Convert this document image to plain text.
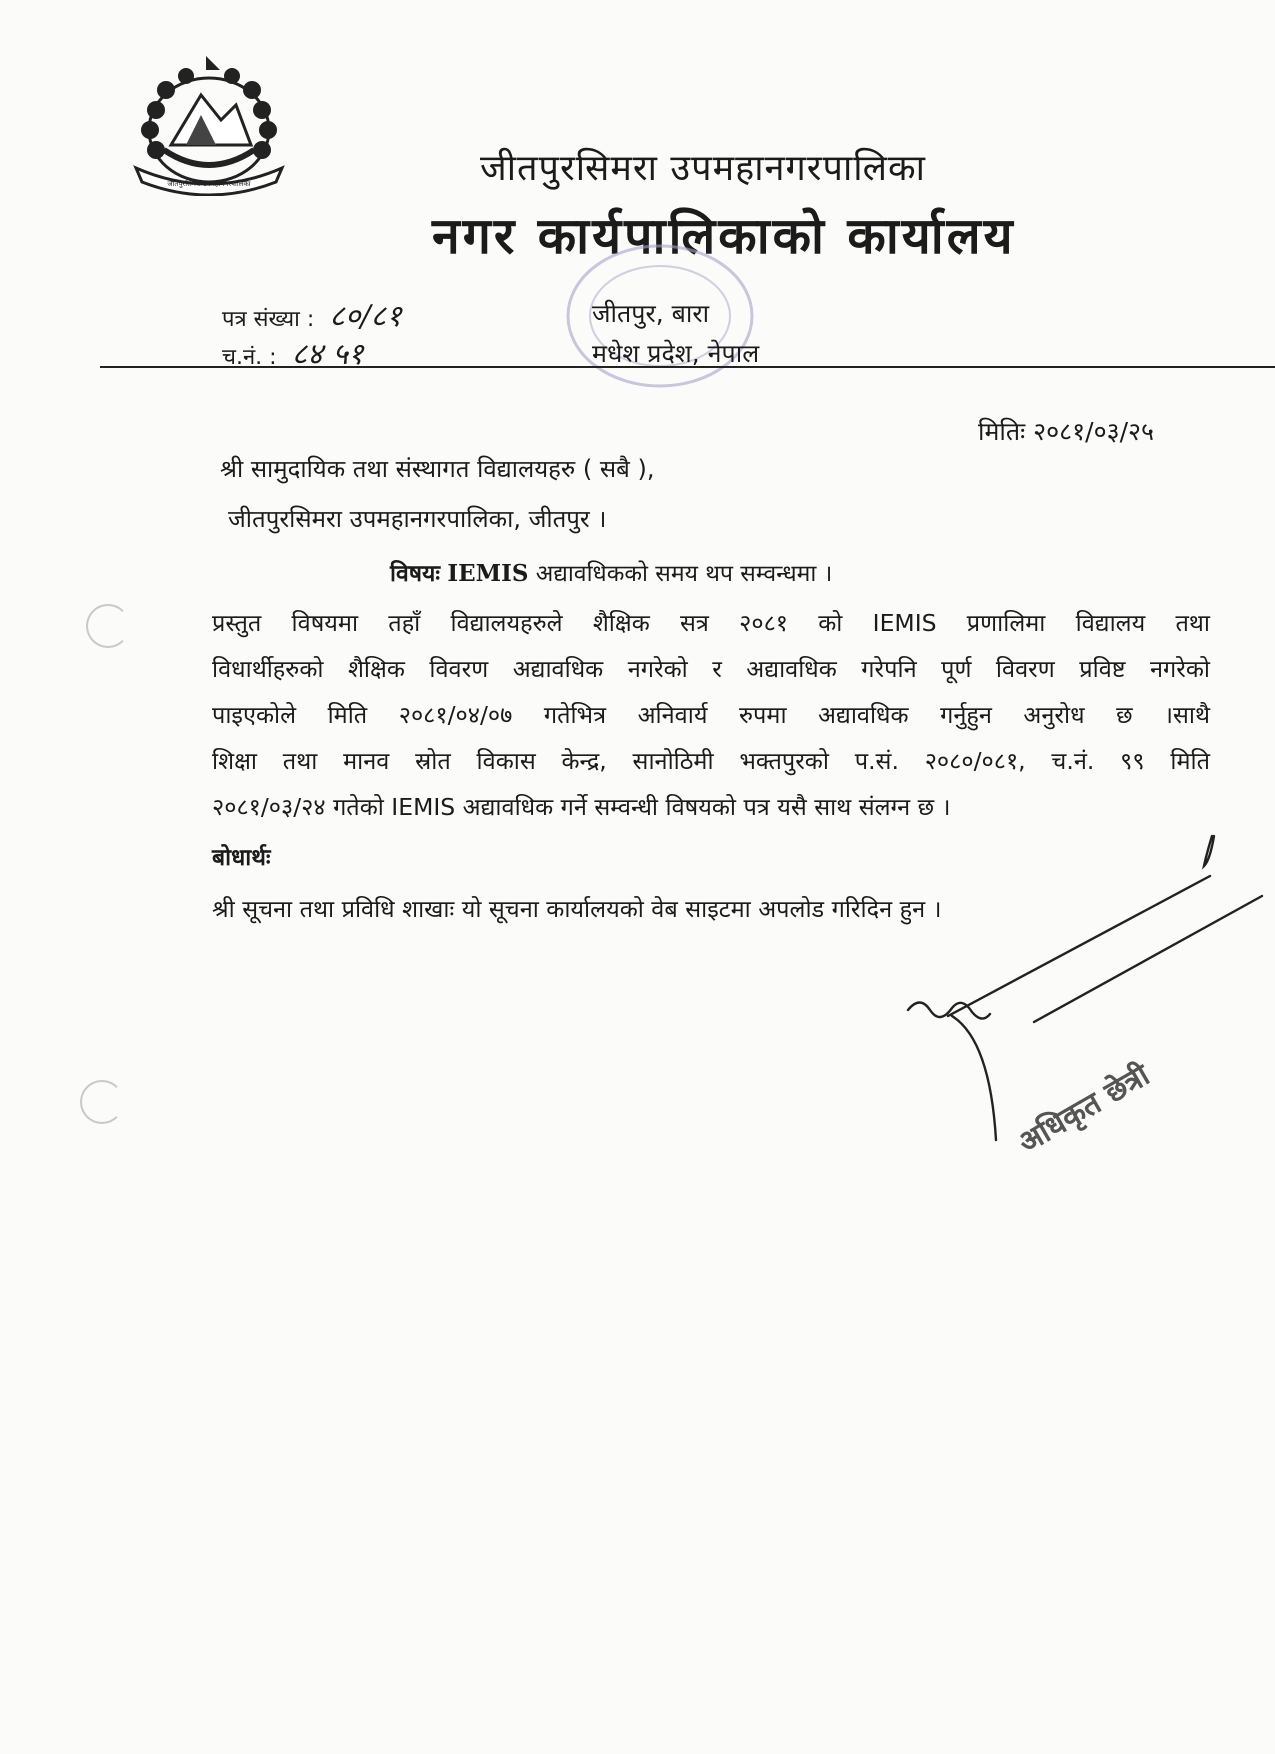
जीतपुरसिमरा उपमहानगरपालिका	जीतपुरसिमरा उपमहानगरपालिका
नगर कार्यपालिकाको कार्यालय
पत्र संख्या : ८०/८१
च.नं. : ८४ ५१
जीतपुर, बारा
मधेश प्रदेश, नेपाल
मितिः २०८१/०३/२५
श्री सामुदायिक तथा संस्थागत विद्यालयहरु ( सबै ),
जीतपुरसिमरा उपमहानगरपालिका, जीतपुर ।
विषयः IEMIS अद्यावधिकको समय थप सम्वन्धमा ।
प्रस्तुत विषयमा तहाँ विद्यालयहरुले शैक्षिक सत्र २०८१ को IEMIS प्रणालिमा विद्यालय तथा
विधार्थीहरुको शैक्षिक विवरण अद्यावधिक नगरेको र अद्यावधिक गरेपनि पूर्ण विवरण प्रविष्ट नगरेको
पाइएकोले मिति २०८१/०४/०७ गतेभित्र अनिवार्य रुपमा अद्यावधिक गर्नुहुन अनुरोध छ ।साथै
शिक्षा तथा मानव स्रोत विकास केन्द्र, सानोठिमी भक्तपुरको प.सं. २०८०/०८१, च.नं. ९९ मिति
२०८१/०३/२४ गतेको IEMIS अद्यावधिक गर्ने सम्वन्धी विषयको पत्र यसै साथ संलग्न छ ।
बोधार्थः
श्री सूचना तथा प्रविधि शाखाः यो सूचना कार्यालयको वेब साइटमा अपलोड गरिदिन हुन ।
अधिकृत छेत्री
